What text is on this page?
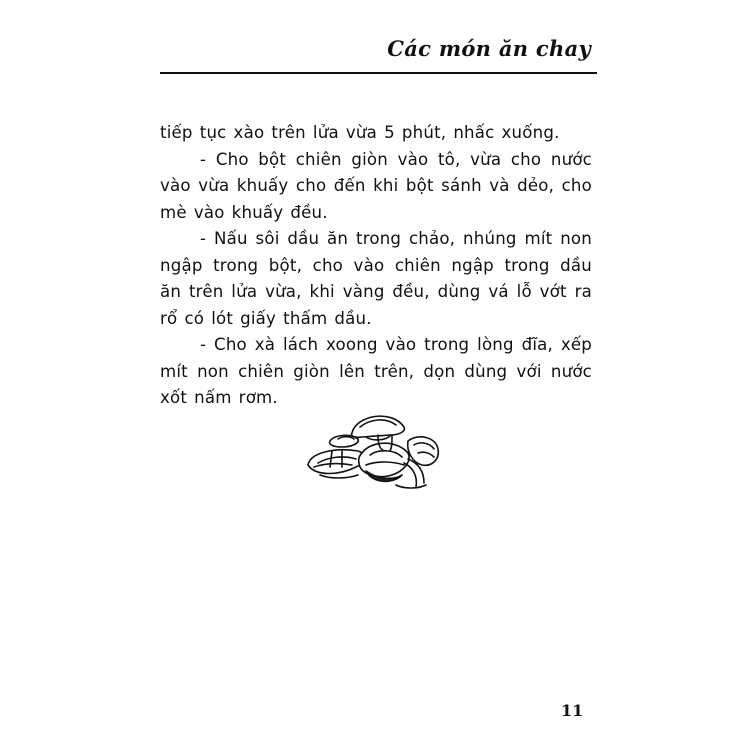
Các món ăn chay

tiếp tục xào trên lửa vừa 5 phút, nhấc xuống.

- Cho bột chiên giòn vào tô, vừa cho nước vào vừa khuấy cho đến khi bột sánh và dẻo, cho mè vào khuấy đều.

- Nấu sôi dầu ăn trong chảo, nhúng mít non ngập trong bột, cho vào chiên ngập trong dầu ăn trên lửa vừa, khi vàng đều, dùng vá lỗ vớt ra rổ có lót giấy thấm dầu.

- Cho xà lách xoong vào trong lòng đĩa, xếp mít non chiên giòn lên trên, dọn dùng với nước xốt nấm rơm.

11
